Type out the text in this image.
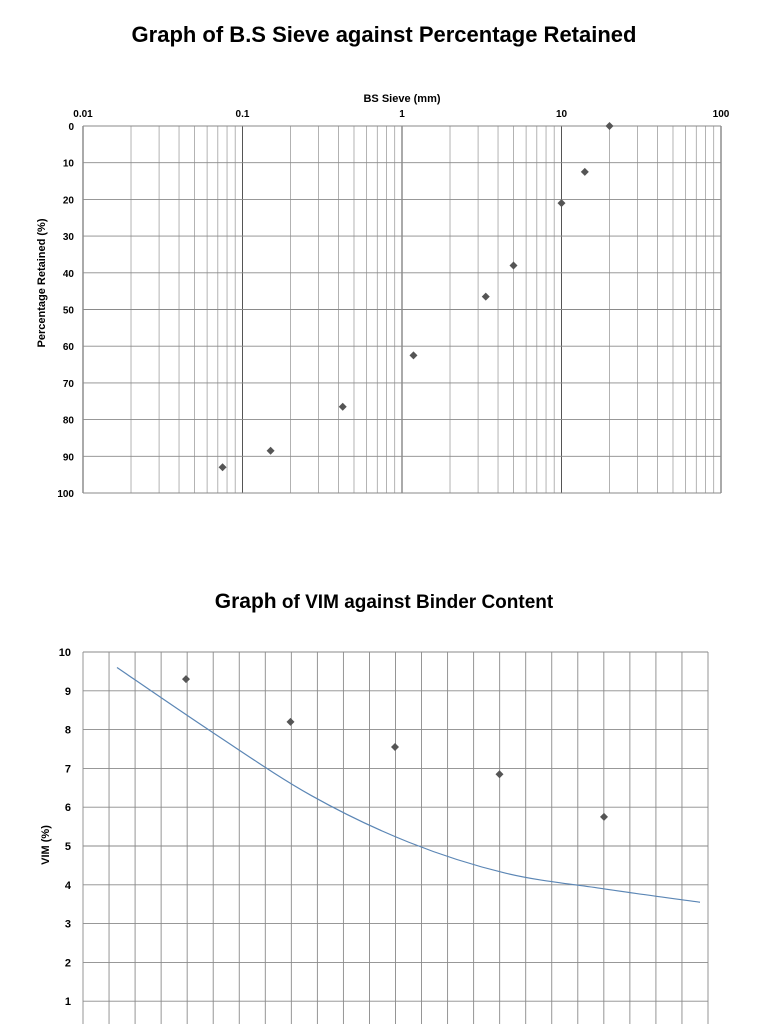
Graph of B.S Sieve against Percentage Retained
Graph of VIM against Binder Content
0.01	0.1	1	10	100
0
10
20
30
40
50
60
70
80
90
100
BS Sieve (mm)
Percentage Retained (%)
1
2
3
4
5
6
7
8
9
10
VIM (%)
